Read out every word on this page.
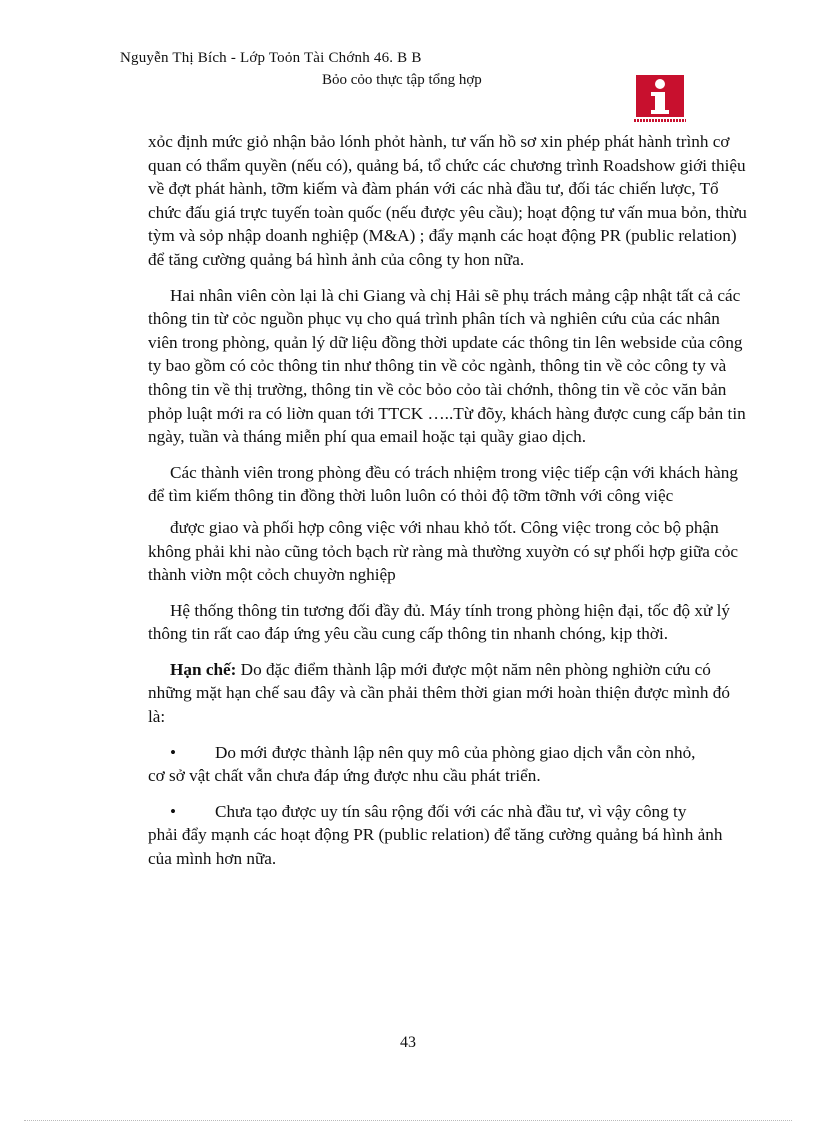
Nguyễn Thị Bích - Lớp Toỏn Tài Chớnh 46. B B
Bỏo cỏo thực tập tổng hợp

xỏc định mức giỏ nhận bảo lónh phỏt hành, tư vấn hồ sơ xin phép phát hành trình cơ quan có thẩm quyền (nếu có), quảng bá, tổ chức các chương trình Roadshow giới thiệu về đợt phát hành, tỡm kiếm và đàm phán với các nhà đầu tư, đối tác chiến lược, Tổ chức đấu giá trực tuyến toàn quốc (nếu được yêu cầu); hoạt động tư vấn mua bỏn, thừu tỳm và sỏp nhập doanh nghiệp (M&A) ; đẩy mạnh các hoạt động PR (public relation) để tăng cường quảng bá hình ảnh của công ty hon nữa.

Hai nhân viên còn lại là chi Giang và chị Hải sẽ phụ trách mảng cập nhật tất cả các thông tin từ cỏc nguồn phục vụ cho quá trình phân tích và nghiên cứu của các nhân viên trong phòng, quản lý dữ liệu đồng thời update các thông tin lên webside của công ty bao gồm có cỏc thông tin như thông tin về cỏc ngành, thông tin về cỏc công ty và thông tin về thị trường, thông tin về cỏc bỏo cỏo tài chớnh, thông tin về cỏc văn bản phỏp luật mới ra có liờn quan tới TTCK …..Từ đõy, khách hàng được cung cấp bản tin ngày, tuần và tháng miễn phí qua email hoặc tại quầy giao dịch.

Các thành viên trong phòng đều có trách nhiệm trong việc tiếp cận với khách hàng để tìm kiếm thông tin đồng thời luôn luôn có thỏi độ tỡm tỡnh với công việc

được giao và phối hợp công việc với nhau khỏ tốt. Công việc trong cỏc bộ phận không phải khi nào cũng tỏch bạch rừ ràng mà thường xuyờn có sự phối hợp giữa cỏc thành viờn một cỏch chuyờn nghiệp

Hệ thống thông tin tương đối đầy đủ. Máy tính trong phòng hiện đại, tốc độ xử lý thông tin rất cao đáp ứng yêu cầu cung cấp thông tin nhanh chóng, kịp thời.

Hạn chế: Do đặc điểm thành lập mới được một năm nên phòng nghiờn cứu có những mặt hạn chế sau đây và cần phải thêm thời gian mới hoàn thiện được mình đó là:

• Do mới được thành lập nên quy mô của phòng giao dịch vẫn còn nhỏ,
cơ sở vật chất vẫn chưa đáp ứng được nhu cầu phát triển.
• Chưa tạo được uy tín sâu rộng đối với các nhà đầu tư, vì vậy công ty
phải đẩy mạnh các hoạt động PR (public relation) để tăng cường quảng bá hình ảnh của mình hơn nữa.
43
